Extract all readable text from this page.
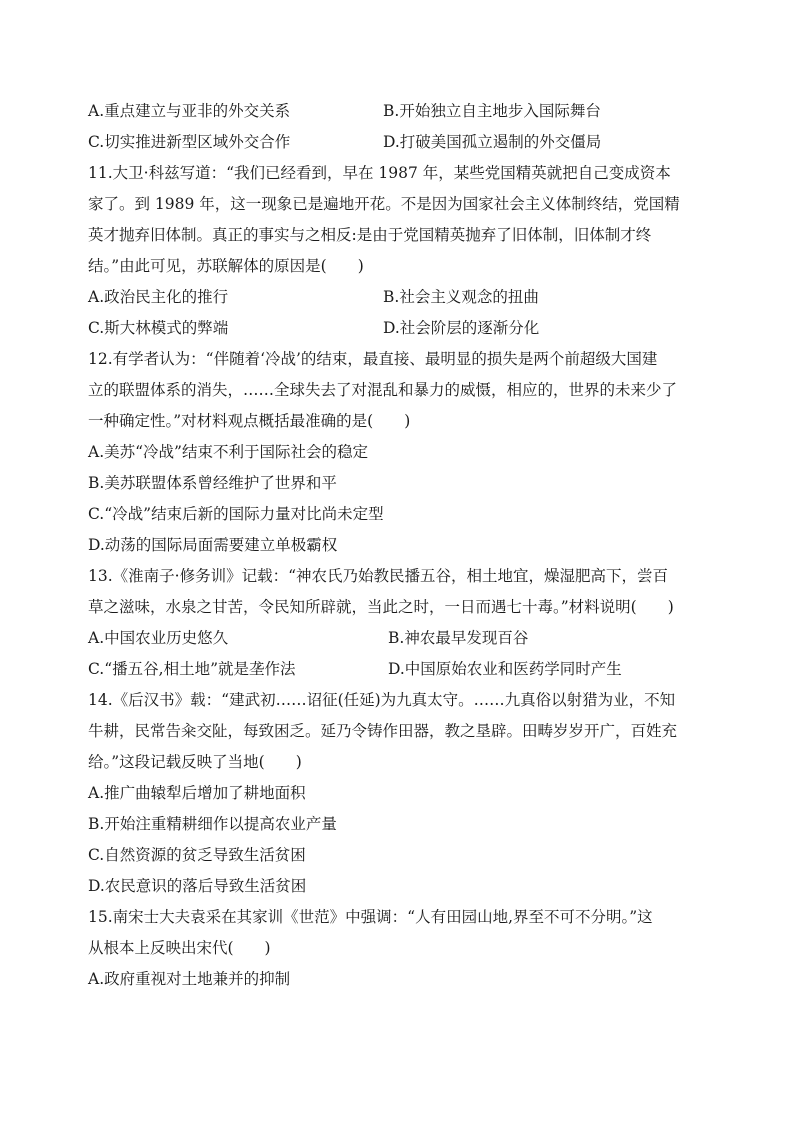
A.重点建立与亚非的外交关系	B.开始独立自主地步入国际舞台
C.切实推进新型区域外交合作	D.打破美国孤立遏制的外交僵局
11.大卫·科兹写道：“我们已经看到，早在 1987 年，某些党国精英就把自己变成资本
家了。到 1989 年，这一现象已是遍地开花。不是因为国家社会主义体制终结，党国精
英才抛弃旧体制。真正的事实与之相反:是由于党国精英抛弃了旧体制，旧体制才终
结。”由此可见，苏联解体的原因是(　　)
A.政治民主化的推行	B.社会主义观念的扭曲
C.斯大林模式的弊端	D.社会阶层的逐渐分化
12.有学者认为：“伴随着‘冷战’的结束，最直接、最明显的损失是两个前超级大国建
立的联盟体系的消失，……全球失去了对混乱和暴力的威慑，相应的，世界的未来少了
一种确定性。”对材料观点概括最准确的是(　　)
A.美苏“冷战”结束不利于国际社会的稳定
B.美苏联盟体系曾经维护了世界和平
C.“冷战”结束后新的国际力量对比尚未定型
D.动荡的国际局面需要建立单极霸权
13.《淮南子·修务训》记载：“神农氏乃始教民播五谷，相土地宜，燥湿肥高下，尝百
草之滋味，水泉之甘苦，令民知所辟就，当此之时，一日而遇七十毒。”材料说明(　　)
A.中国农业历史悠久	B.神农最早发现百谷
C.“播五谷,相土地”就是垄作法	D.中国原始农业和医药学同时产生
14.《后汉书》载：“建武初……诏征(任延)为九真太守。……九真俗以射猎为业，不知
牛耕，民常告籴交阯，每致困乏。延乃令铸作田器，教之垦辟。田畴岁岁开广，百姓充
给。”这段记载反映了当地(　　)
A.推广曲辕犁后增加了耕地面积
B.开始注重精耕细作以提高农业产量
C.自然资源的贫乏导致生活贫困
D.农民意识的落后导致生活贫困
15.南宋士大夫袁采在其家训《世范》中强调：“人有田园山地,界至不可不分明。”这
从根本上反映出宋代(　　)
A.政府重视对土地兼并的抑制
